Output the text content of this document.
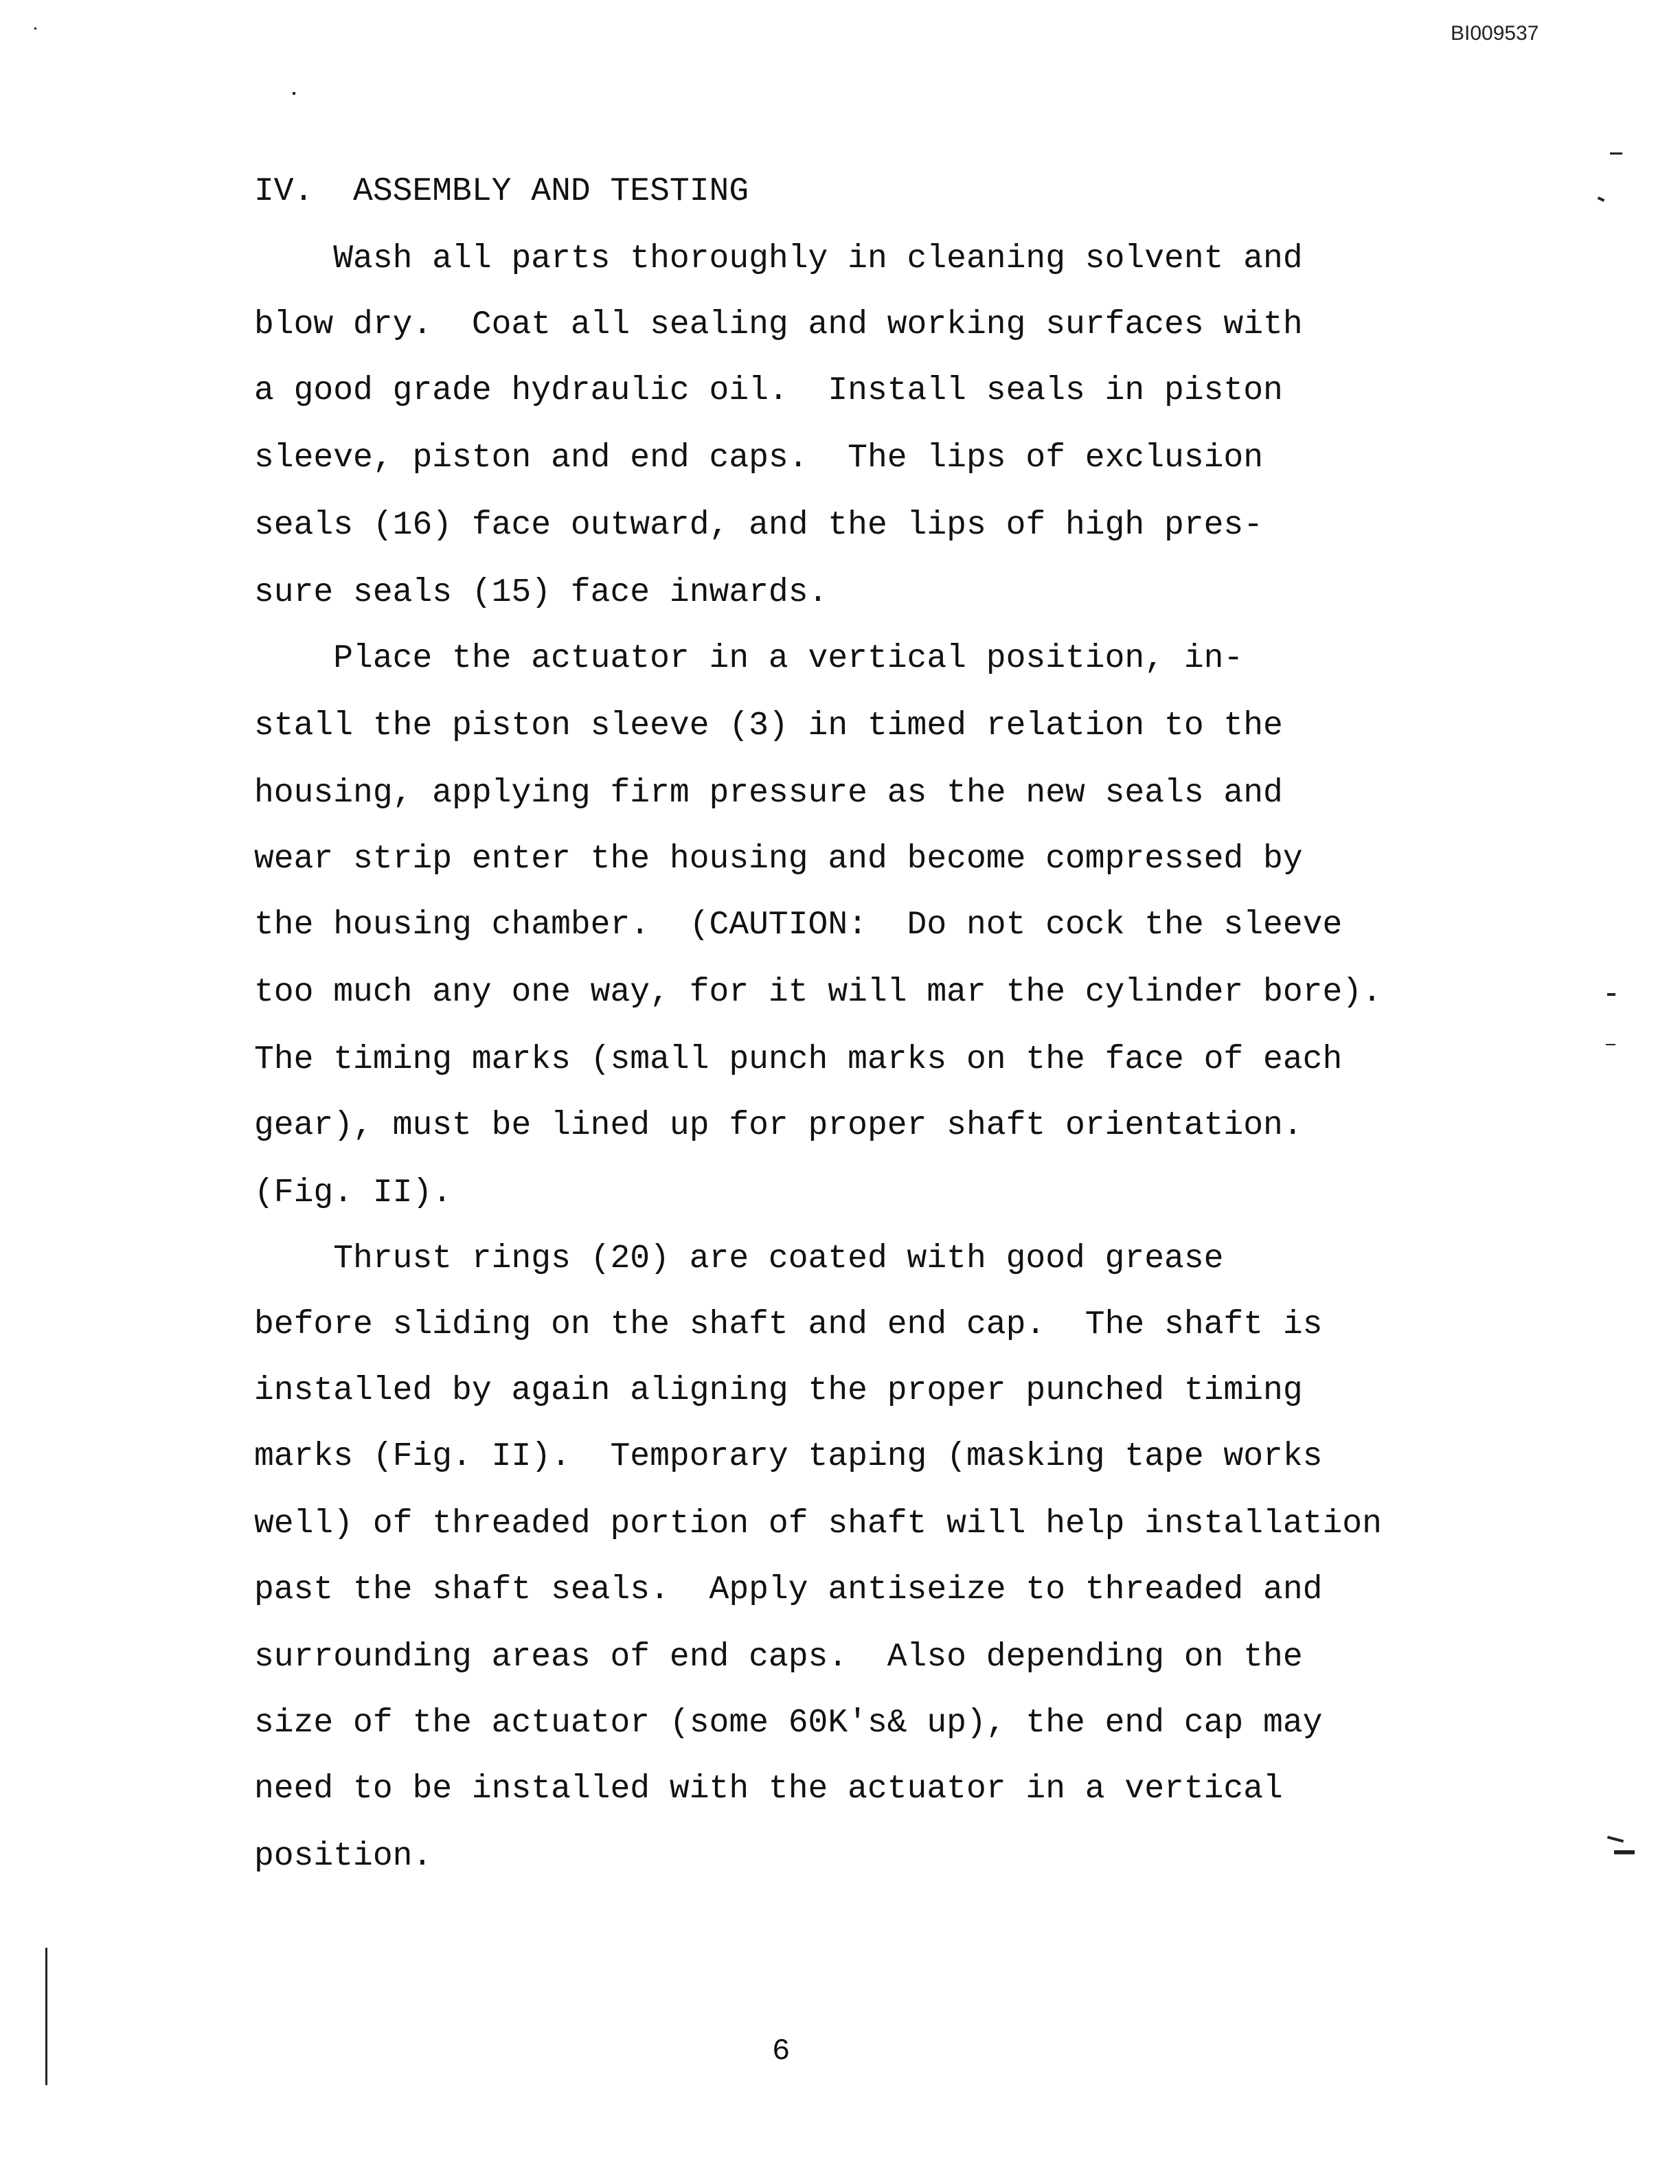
BI009537
IV.  ASSEMBLY AND TESTING
Wash all parts thoroughly in cleaning solvent and
blow dry.  Coat all sealing and working surfaces with
a good grade hydraulic oil.  Install seals in piston
sleeve, piston and end caps.  The lips of exclusion
seals (16) face outward, and the lips of high pres-
sure seals (15) face inwards.
Place the actuator in a vertical position, in-
stall the piston sleeve (3) in timed relation to the
housing, applying firm pressure as the new seals and
wear strip enter the housing and become compressed by
the housing chamber.  (CAUTION:  Do not cock the sleeve
too much any one way, for it will mar the cylinder bore).
The timing marks (small punch marks on the face of each
gear), must be lined up for proper shaft orientation.
(Fig. II).
Thrust rings (20) are coated with good grease
before sliding on the shaft and end cap.  The shaft is
installed by again aligning the proper punched timing
marks (Fig. II).  Temporary taping (masking tape works
well) of threaded portion of shaft will help installation
past the shaft seals.  Apply antiseize to threaded and
surrounding areas of end caps.  Also depending on the
size of the actuator (some 60K's& up), the end cap may
need to be installed with the actuator in a vertical
position.
6
